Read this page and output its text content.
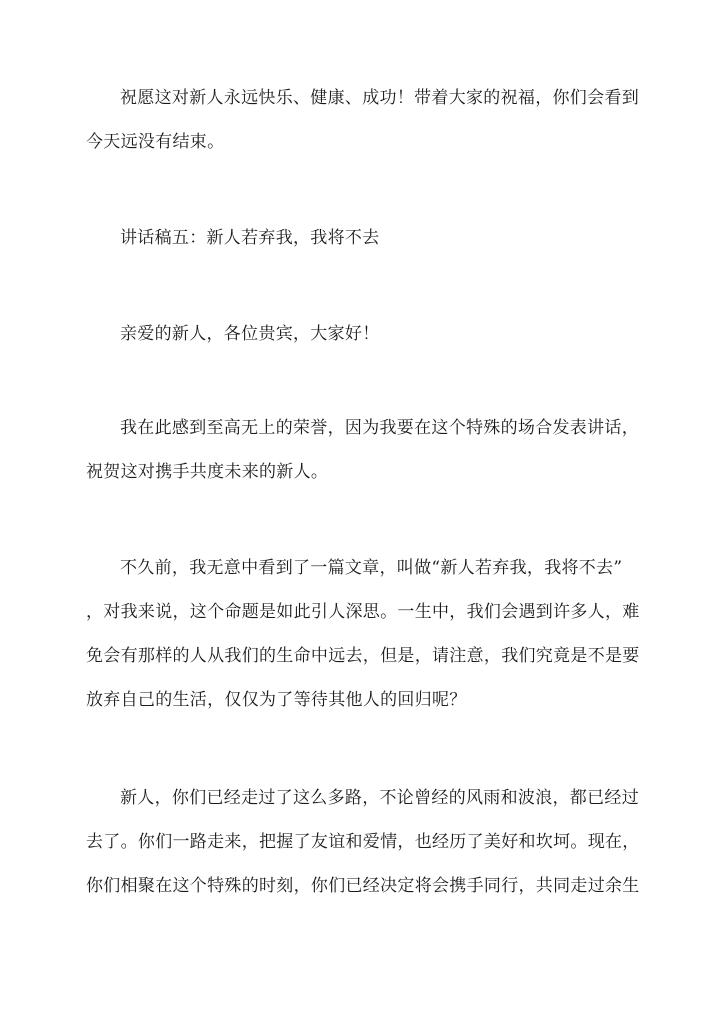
祝愿这对新人永远快乐、健康、成功！带着大家的祝福，你们会看到
今天远没有结束。
讲话稿五：新人若弃我，我将不去
亲爱的新人，各位贵宾，大家好！
我在此感到至高无上的荣誉，因为我要在这个特殊的场合发表讲话，
祝贺这对携手共度未来的新人。
不久前，我无意中看到了一篇文章，叫做“新人若弃我，我将不去”
，对我来说，这个命题是如此引人深思。一生中，我们会遇到许多人，难
免会有那样的人从我们的生命中远去，但是，请注意，我们究竟是不是要
放弃自己的生活，仅仅为了等待其他人的回归呢？
新人，你们已经走过了这么多路，不论曾经的风雨和波浪，都已经过
去了。你们一路走来，把握了友谊和爱情，也经历了美好和坎坷。现在，
你们相聚在这个特殊的时刻，你们已经决定将会携手同行，共同走过余生
